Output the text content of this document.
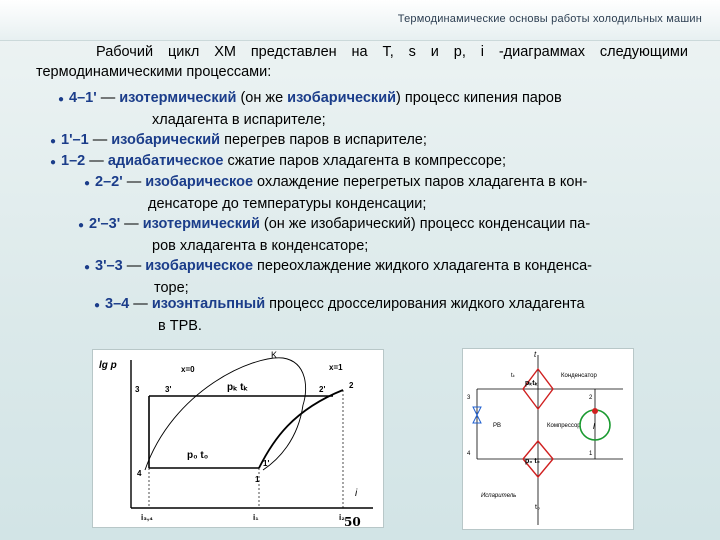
Термодинамические основы работы холодильных машин

Рабочий цикл ХМ представлен на T, s и p, i -диаграммах следующими термодинамическими процессами:

● 4–1' — изотермический (он же изобарический) процесс кипения паров
хладагента в испарителе;
● 1'–1 — изобарический перегрев паров в испарителе;
● 1–2 — адиабатическое сжатие паров хладагента в компрессоре;
● 2–2' — изобарическое охлаждение перегретых паров хладагента в кон-
денсаторе до температуры конденсации;
● 2'–3' — изотермический (он же изобарический) процесс конденсации па-
ров хладагента в конденсаторе;
● 3'–3 — изобарическое переохлаждение жидкого хладагента в конденса-
торе;
● 3–4 — изоэнтальпный процесс дросселирования жидкого хладагента
в ТРВ.
lg p
i
K
x=0	x=1
3	3'	2'	2
4
1'
1
pₖ tₖ
p₀ t₀
i₃,₄	i₁	i₂
t
tₖ	Конденсатор
pₖtₖ
3
4
РВ	Компрессор
p₀ t₀
l
2
1
Испаритель
t₀
50
